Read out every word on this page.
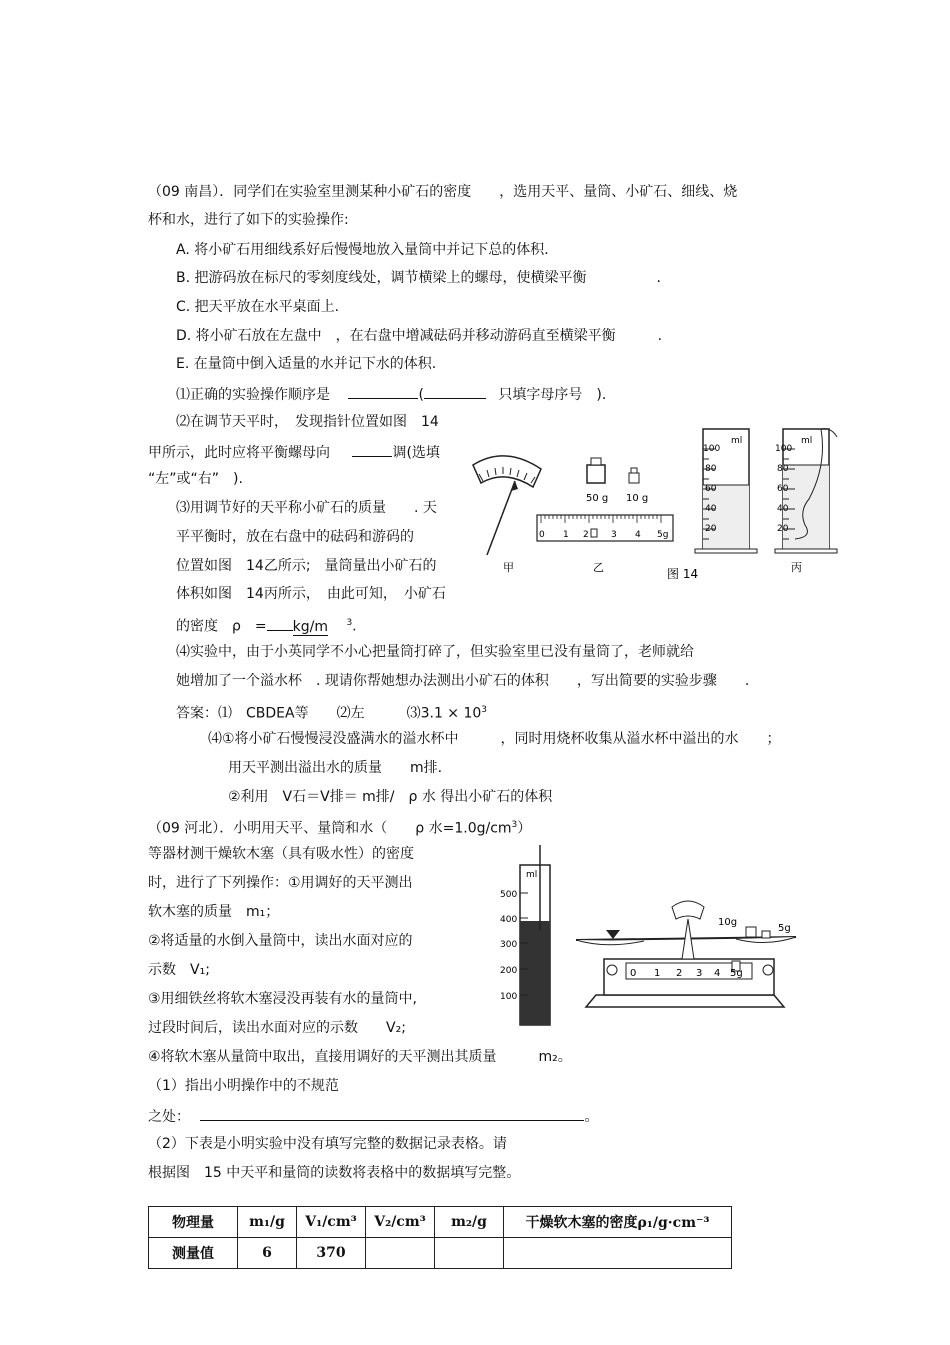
（09 南昌）．同学们在实验室里测某种小矿石的密度　　，选用天平、量筒、小矿石、细线、烧
杯和水，进行了如下的实验操作:
A. 将小矿石用细线系好后慢慢地放入量筒中并记下总的体积.
B. 把游码放在标尺的零刻度线处，调节横梁上的螺母，使横梁平衡　　　　　.
C. 把天平放在水平桌面上.
D. 将小矿石放在左盘中　，在右盘中增减砝码并移动游码直至横梁平衡　　　.
E. 在量筒中倒入适量的水并记下水的体积.
⑴正确的实验操作顺序是	(	只填字母序号　).
⑵在调节天平时，　发现指针位置如图　14
甲所示，此时应将平衡螺母向	调(选填
“左”或“右”　).
⑶用调节好的天平称小矿石的质量　　. 天
平平衡时，放在右盘中的砝码和游码的
位置如图　14乙所示;　量筒量出小矿石的
体积如图　14丙所示，　由此可知，　小矿石
的密度　ρ　= kg/m $^3$.
⑷实验中，由于小英同学不小心把量筒打碎了，但实验室里已没有量筒了，老师就给
她增加了一个溢水杯　. 现请你帮她想办法测出小矿石的体积　　，写出简要的实验步骤　　.
答案：⑴　CBDEA等　　⑵左　　　⑶3.1 × $10^3$
⑷①将小矿石慢慢浸没盛满水的溢水杯中　　　，同时用烧杯收集从溢水杯中溢出的水　　；
用天平测出溢出水的质量　　m排.
②利用　V石＝V排＝ m排/　ρ 水 得出小矿石的体积
甲
50 g 10 g
0 1 2 3 4 5g
乙	图 14
100
80
60
40
20
ml
100
80
60
40
20
ml
丙
（09 河北）．小明用天平、量筒和水（　　ρ 水$=1.0g/cm^3$）
等器材测干燥软木塞（具有吸水性）的密度
时，进行了下列操作：①用调好的天平测出
软木塞的质量　m₁；
②将适量的水倒入量筒中，读出水面对应的
示数　V₁;
③用细铁丝将软木塞浸没再装有水的量筒中,
过段时间后，读出水面对应的示数　　V₂;
④将软木塞从量筒中取出，直接用调好的天平测出其质量　　　m₂。
（1）指出小明操作中的不规范
之处：	。
（2）下表是小明实验中没有填写完整的数据记录表格。请
根据图　15 中天平和量筒的读数将表格中的数据填写完整。
500
400
300
200
100
ml
10g
5g
0 1 2 3 4 5g
物理量	m₁/g	V₁/cm³	V₂/cm³	m₂/g	干燥软木塞的密度ρ₁/g·cm⁻³
测量值	6	370			
